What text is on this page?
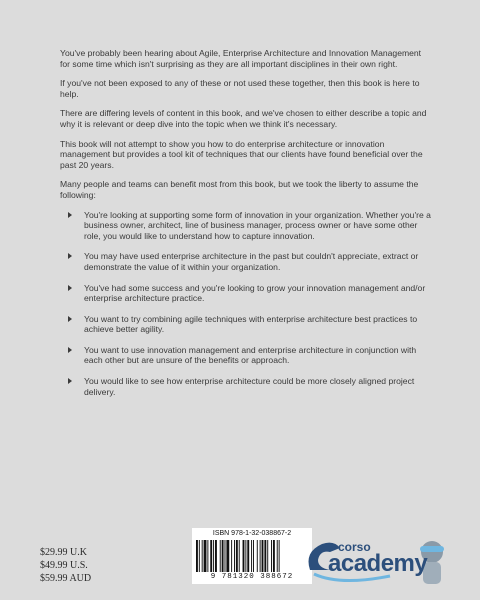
You've probably been hearing about Agile, Enterprise Architecture and Innovation Management for some time which isn't surprising as they are all important disciplines in their own right.

If you've not been exposed to any of these or not used these together, then this book is here to help.

There are differing levels of content in this book, and we've chosen to either describe a topic and why it is relevant or deep dive into the topic when we think it's necessary.

This book will not attempt to show you how to do enterprise architecture or innovation management but provides a tool kit of techniques that our clients have found beneficial over the past 20 years.

Many people and teams can benefit most from this book, but we took the liberty to assume the following:

You're looking at supporting some form of innovation in your organization. Whether you're a business owner, architect, line of business manager, process owner or have some other role, you would like to understand how to capture innovation.
You may have used enterprise architecture in the past but couldn't appreciate, extract or demonstrate the value of it within your organization.
You've had some success and you're looking to grow your innovation management and/or enterprise architecture practice.
You want to try combining agile techniques with enterprise architecture best practices to achieve better agility.
You want to use innovation management and enterprise architecture in conjunction with each other but are unsure of the benefits or approach.
You would like to see how enterprise architecture could be more closely aligned project delivery.
$29.99 U.K
$49.99 U.S.
$59.99 AUD
ISBN 978-1-32-038867-2
9 781320 388672
corso
academy
